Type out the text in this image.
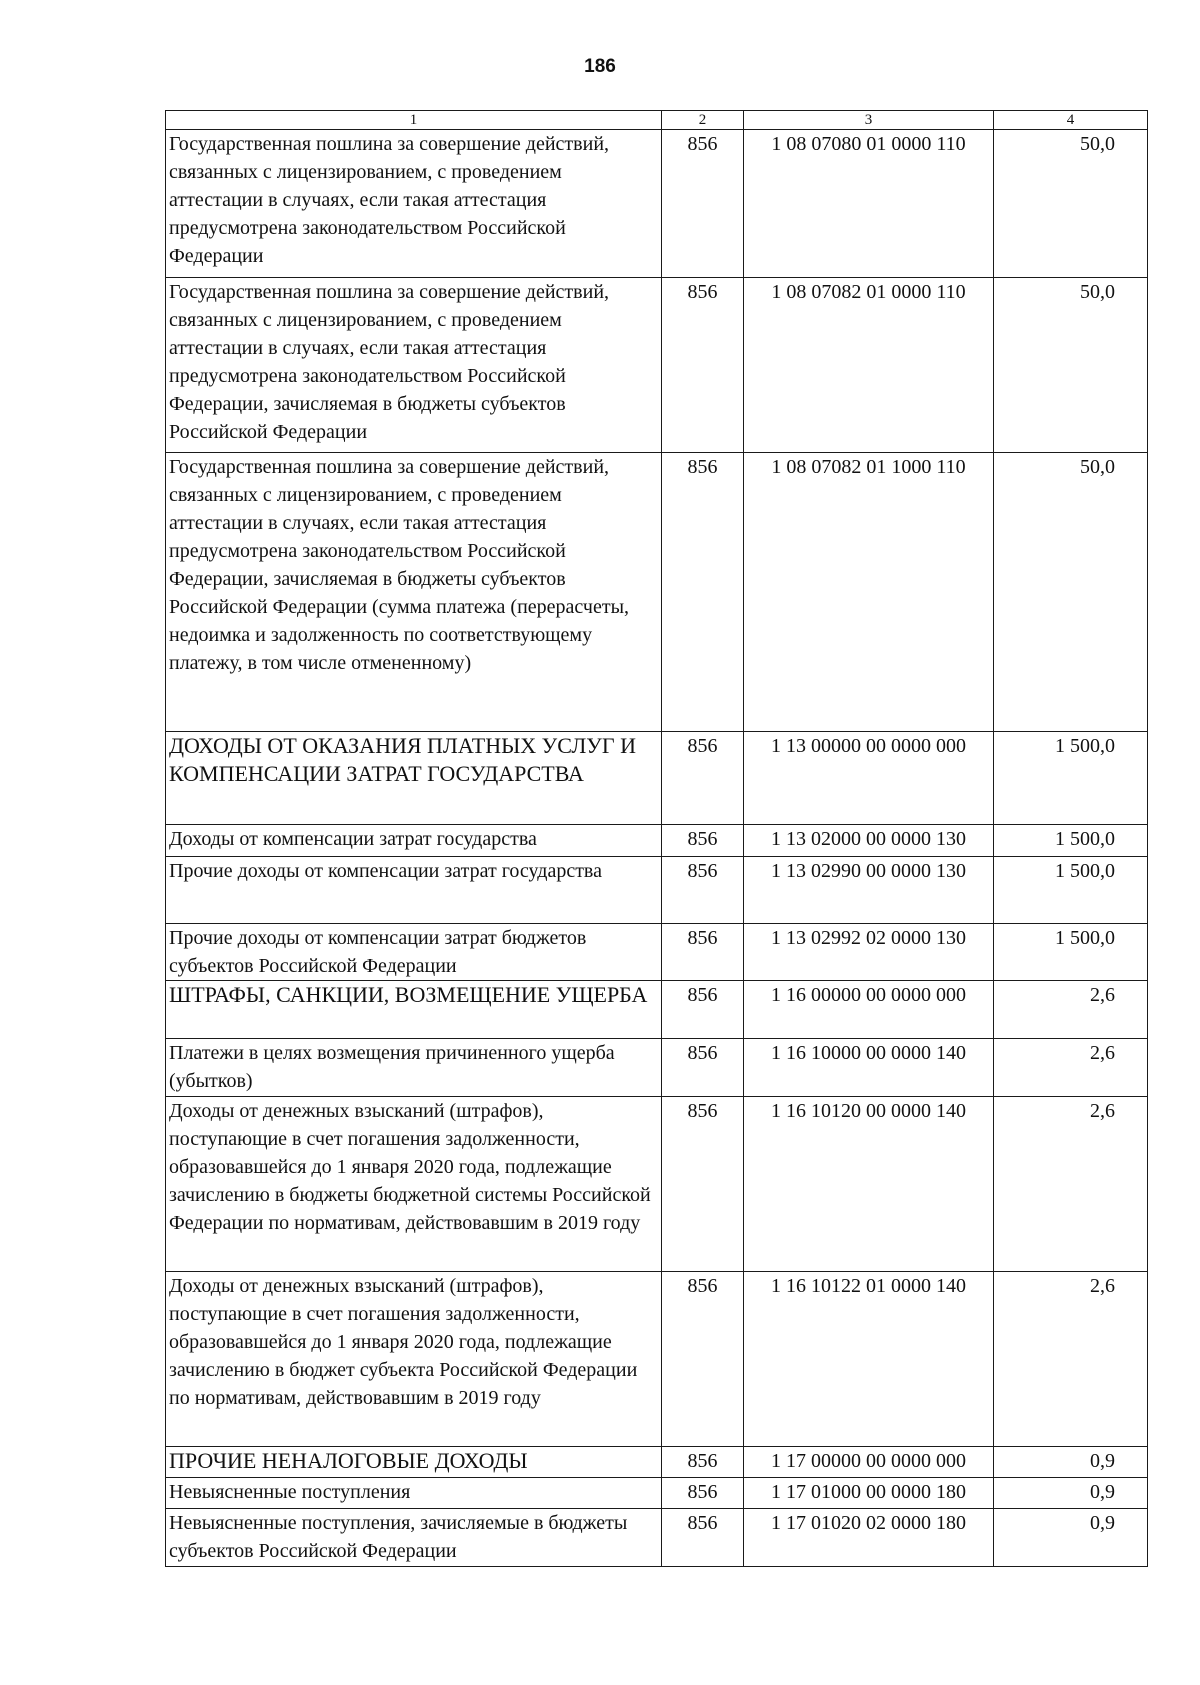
186
1	2	3	4
Государственная пошлина за совершение действий, связанных с лицензированием, с проведением аттестации в случаях, если такая аттестация предусмотрена законодательством Российской Федерации	856	1 08 07080 01 0000 110	50,0
Государственная пошлина за совершение действий, связанных с лицензированием, с проведением аттестации в случаях, если такая аттестация предусмотрена законодательством Российской Федерации, зачисляемая в бюджеты субъектов Российской Федерации	856	1 08 07082 01 0000 110	50,0
Государственная пошлина за совершение действий, связанных с лицензированием, с проведением аттестации в случаях, если такая аттестация предусмотрена законодательством Российской Федерации, зачисляемая в бюджеты субъектов Российской Федерации (сумма платежа (перерасчеты, недоимка и задолженность по соответствующему платежу, в том числе отмененному)	856	1 08 07082 01 1000 110	50,0
ДОХОДЫ ОТ ОКАЗАНИЯ ПЛАТНЫХ УСЛУГ И КОМПЕНСАЦИИ ЗАТРАТ ГОСУДАРСТВА	856	1 13 00000 00 0000 000	1 500,0
Доходы от компенсации затрат государства	856	1 13 02000 00 0000 130	1 500,0
Прочие доходы от компенсации затрат государства	856	1 13 02990 00 0000 130	1 500,0
Прочие доходы от компенсации затрат бюджетов субъектов Российской Федерации	856	1 13 02992 02 0000 130	1 500,0
ШТРАФЫ, САНКЦИИ, ВОЗМЕЩЕНИЕ УЩЕРБА	856	1 16 00000 00 0000 000	2,6
Платежи в целях возмещения причиненного ущерба (убытков)	856	1 16 10000 00 0000 140	2,6
Доходы от денежных взысканий (штрафов), поступающие в счет погашения задолженности, образовавшейся до 1 января 2020 года, подлежащие зачислению в бюджеты бюджетной системы Российской Федерации по нормативам, действовавшим в 2019 году	856	1 16 10120 00 0000 140	2,6
Доходы от денежных взысканий (штрафов), поступающие в счет погашения задолженности, образовавшейся до 1 января 2020 года, подлежащие зачислению в бюджет субъекта Российской Федерации по нормативам, действовавшим в 2019 году	856	1 16 10122 01 0000 140	2,6
ПРОЧИЕ НЕНАЛОГОВЫЕ ДОХОДЫ	856	1 17 00000 00 0000 000	0,9
Невыясненные поступления	856	1 17 01000 00 0000 180	0,9
Невыясненные поступления, зачисляемые в бюджеты субъектов Российской Федерации	856	1 17 01020 02 0000 180	0,9
